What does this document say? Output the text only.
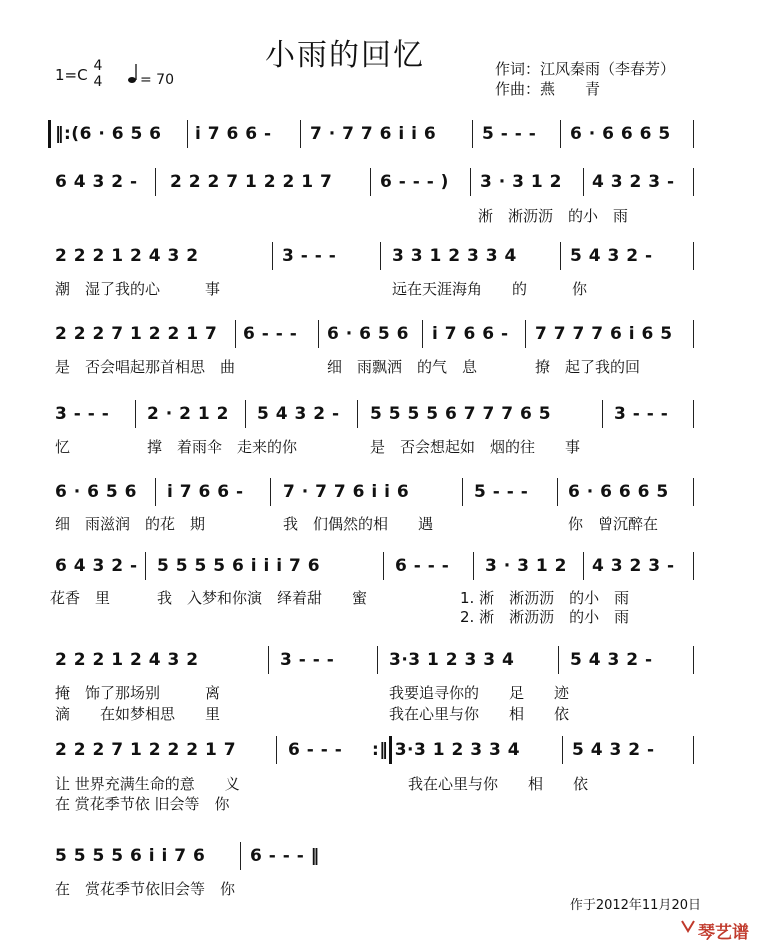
小雨的回忆
1=C 4
4	= 70
作词：江风秦雨（李春芳）
作曲：燕　　青
‖:(6 · 6 5 6 i 7 6 6 - 7 · 7 7 6 i i 6	5 - - - 6 · 6 6 6 5
6 4 3 2 - 2 2 2 7 1 2 2 1 7	6 - - - ) 3 · 3 1 2 4 3 2 3 -
淅　淅沥沥　的小　雨
2 2 2 1 2 4 3 2	3 - - -	3 3 1 2 3 3 4	5 4 3 2 -
潮　湿了我的心　　　事	远在天涯海角　　的　　　你
2 2 2 7 1 2 2 1 7 6 - - - 6 · 6 5 6 i 7 6 6 - 7 7 7 7 6 i 6 5
是　否会唱起那首相思　曲	细　雨飘洒　的气　息	撩　起了我的回
3 - - - 2 · 2 1 2 5 4 3 2 - 5 5 5 5 6 7 7 7 6 5	3 - - -
忆	撑　着雨伞　走来的你	是　否会想起如　烟的往　　事
6 · 6 5 6 i 7 6 6 - 7 · 7 7 6 i i 6	5 - - - 6 · 6 6 6 5
细　雨滋润　的花　期	我　们偶然的相　　遇	你　曾沉醉在
6 4 3 2 - 5 5 5 5 6 i i i 7 6	6 - - - 3 · 3 1 2 4 3 2 3 -
花香　里	我　入梦和你演　绎着甜　　蜜	1. 淅　淅沥沥　的小　雨
2. 淅　淅沥沥　的小　雨
2 2 2 1 2 4 3 2	3 - - -	3·3 1 2 3 3 4	5 4 3 2 -
掩　饰了那场别　　　离	我要追寻你的　　足　　迹
滴　　在如梦相思　　里	我在心里与你　　相　　依
2 2 2 7 1 2 2 2 1 7	6 - - - :‖ 3·3 1 2 3 3 4	5 4 3 2 -
让 世界充满生命的意　　义
在 赏花季节依 旧会等　你
我在心里与你　　相　　依
5 5 5 5 6 i i 7 6	6 - - - ‖
在　赏花季节依旧会等　你
作于2012年11月20日
琴艺谱
